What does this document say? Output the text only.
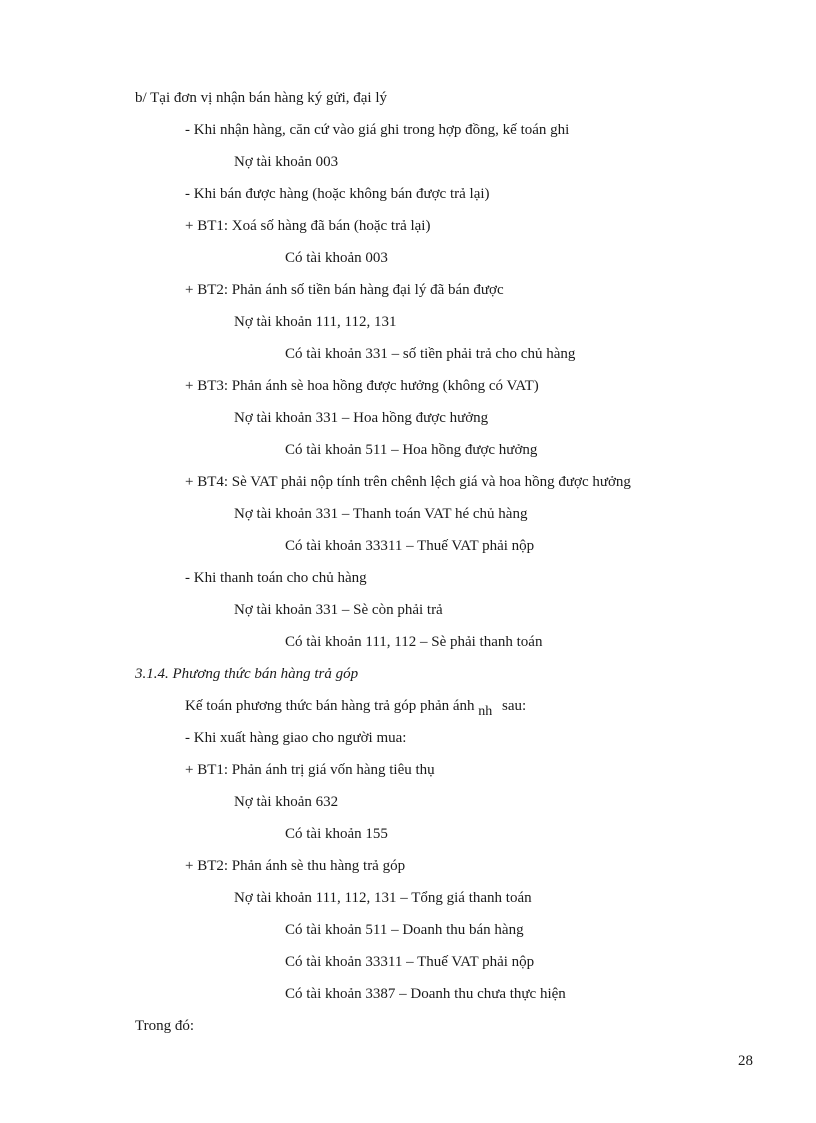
b/ Tại đơn vị nhận bán hàng ký gửi, đại lý
- Khi nhận hàng, căn cứ vào giá ghi trong hợp đồng, kế toán ghi
Nợ tài khoản 003
- Khi bán được hàng (hoặc không bán được trả lại)
+ BT1: Xoá số hàng đã bán (hoặc trả lại)
Có tài khoản 003
+ BT2: Phản ánh số tiền bán hàng đại lý đã bán được
Nợ tài khoản 111, 112, 131
Có tài khoản 331 – số tiền phải trả cho chủ hàng
+ BT3: Phản ánh sè hoa hồng được hưởng (không có VAT)
Nợ tài khoản 331 – Hoa hồng được hưởng
Có tài khoản 511 – Hoa hồng được hưởng
+ BT4: Sè VAT phải nộp tính trên chênh lệch giá và hoa hồng được hưởng
Nợ tài khoản 331 – Thanh toán VAT hé chủ hàng
Có tài khoản 33311 – Thuế VAT phải nộp
- Khi thanh toán cho chủ hàng
Nợ tài khoản 331 – Sè còn phải trả
Có tài khoản 111, 112 – Sè phải thanh toán
3.1.4. Phương thức bán hàng trả góp
Kế toán phương thức bán hàng trả góp phản ánh nh sau:
- Khi xuất hàng giao cho người mua:
+ BT1: Phản ánh trị giá vốn hàng tiêu thụ
Nợ tài khoản 632
Có tài khoản 155
+ BT2: Phản ánh sè thu hàng trả góp
Nợ tài khoản 111, 112, 131 – Tổng giá thanh toán
Có tài khoản 511 – Doanh thu bán hàng
Có tài khoản 33311 – Thuế VAT phải nộp
Có tài khoản 3387 – Doanh thu chưa thực hiện
Trong đó:
28
